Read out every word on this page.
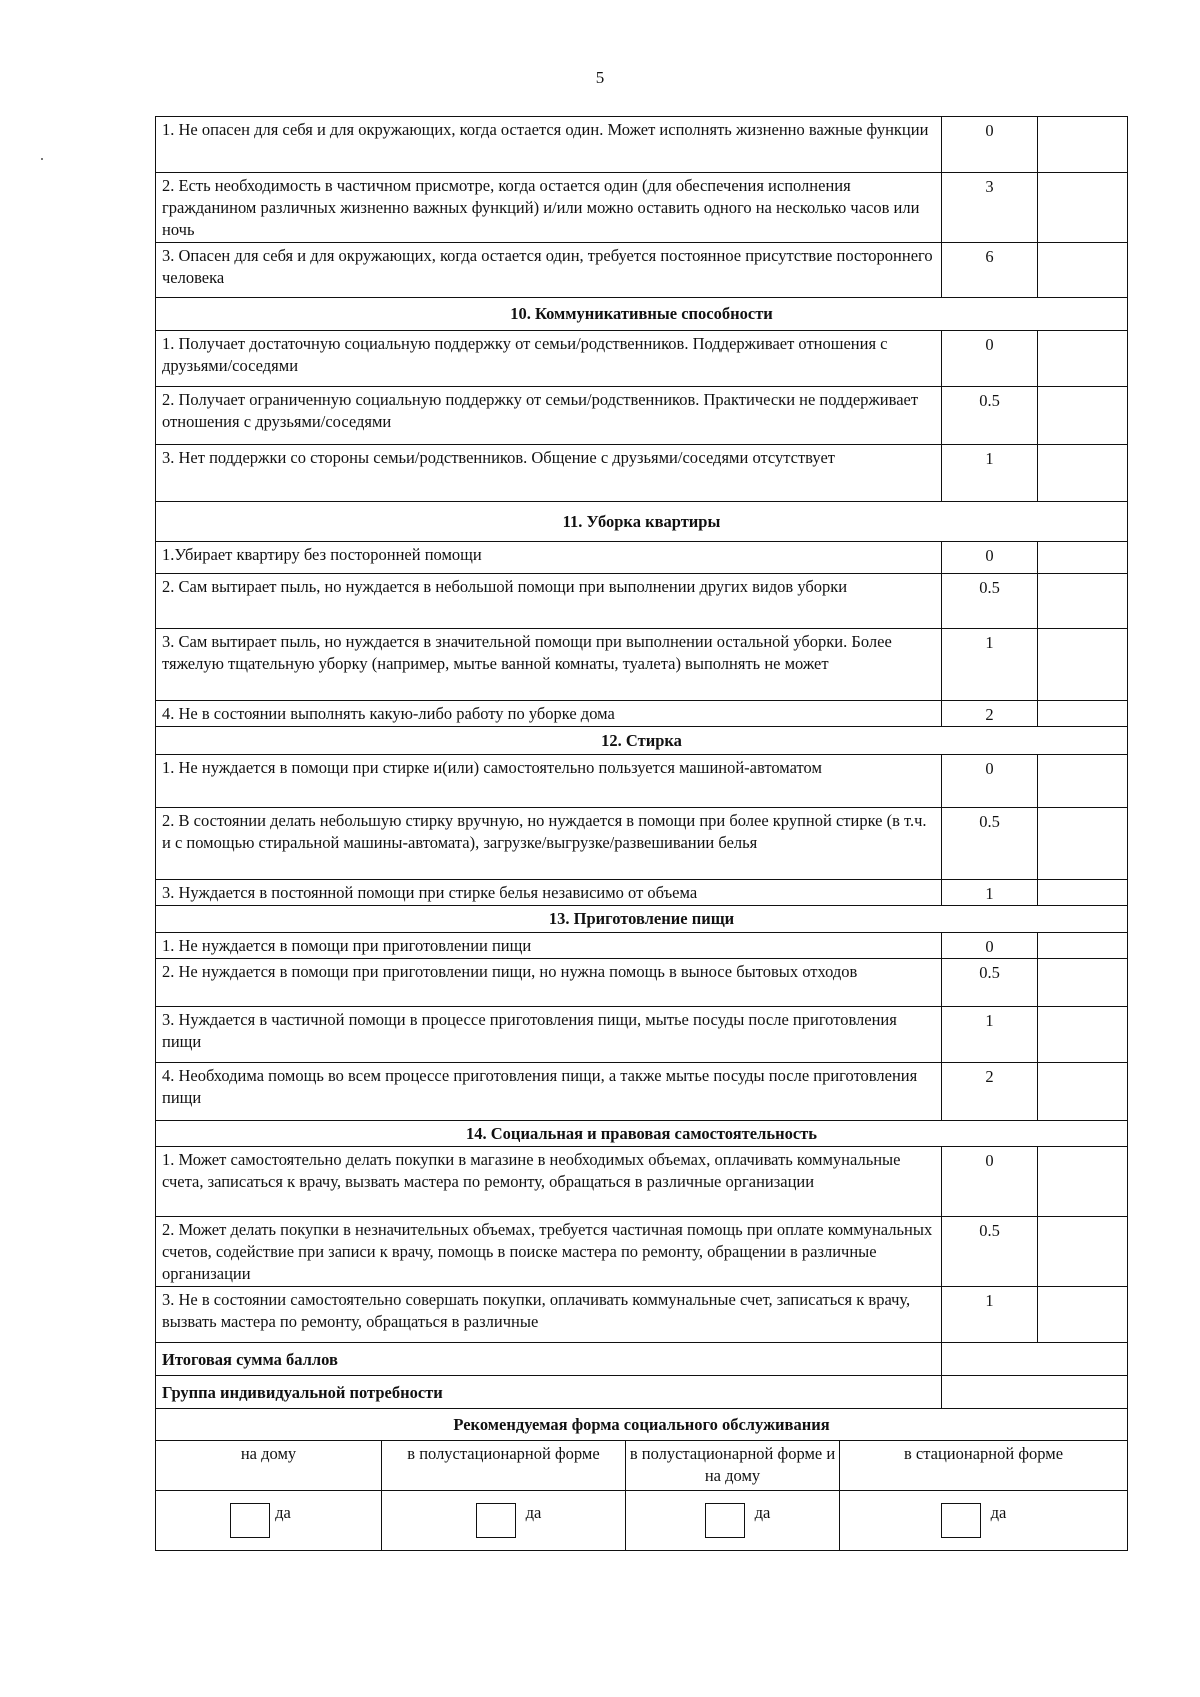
5
1. Не опасен для себя и для окружающих, когда остается один. Может исполнять жизненно важные функции				0	
2. Есть необходимость в частичном присмотре, когда остается один (для обеспечения исполнения гражданином различных жизненно важных функций) и/или можно оставить одного на несколько часов или ночь				3	
3. Опасен для себя и для окружающих, когда остается один, требуется постоянное присутствие постороннего человека				6	
10. Коммуникативные способности					
1. Получает достаточную социальную поддержку от семьи/родственников. Поддерживает отношения с друзьями/соседями				0	
2. Получает ограниченную социальную поддержку от семьи/родственников. Практически не поддерживает отношения с друзьями/соседями				0.5	
3. Нет поддержки со стороны семьи/родственников. Общение с друзьями/соседями отсутствует				1	
11. Уборка квартиры					
1.Убирает квартиру без посторонней помощи				0	
2. Сам вытирает пыль, но нуждается в небольшой помощи при выполнении других видов уборки				0.5	
3. Сам вытирает пыль, но нуждается в значительной помощи при выполнении остальной уборки. Более тяжелую тщательную уборку (например, мытье ванной комнаты, туалета) выполнять не может				1	
4. Не в состоянии выполнять какую-либо работу по уборке дома				2	
12. Стирка					
1. Не нуждается в помощи при стирке и(или) самостоятельно пользуется машиной-автоматом				0	
2. В состоянии делать небольшую стирку вручную, но нуждается в помощи при более крупной стирке (в т.ч. и с помощью стиральной машины-автомата), загрузке/выгрузке/развешивании белья				0.5	
3. Нуждается в постоянной помощи при стирке белья независимо от объема				1	
13. Приготовление пищи					
1. Не нуждается в помощи при приготовлении пищи				0	
2. Не нуждается в помощи при приготовлении пищи, но нужна помощь в выносе бытовых отходов				0.5	
3. Нуждается в частичной помощи в процессе приготовления пищи, мытье посуды после приготовления пищи				1	
4. Необходима помощь во всем процессе приготовления пищи, а также мытье посуды после приготовления пищи				2	
14. Социальная и правовая самостоятельность					
1. Может самостоятельно делать покупки в магазине в необходимых объемах, оплачивать коммунальные счета, записаться к врачу, вызвать мастера по ремонту, обращаться в различные организации				0	
2. Может делать покупки в незначительных объемах, требуется частичная помощь при оплате коммунальных счетов, содействие при записи к врачу, помощь в поиске мастера по ремонту, обращении в различные организации				0.5	
3. Не в состоянии самостоятельно совершать покупки, оплачивать коммунальные счет, записаться к врачу, вызвать мастера по ремонту, обращаться в различные				1	
Итоговая сумма баллов					
Группа индивидуальной потребности					
Рекомендуемая форма социального обслуживания					
на дому	в полустационарной форме	в полустационарной форме и на дому	в стационарной форме		
да	да	да	да		
